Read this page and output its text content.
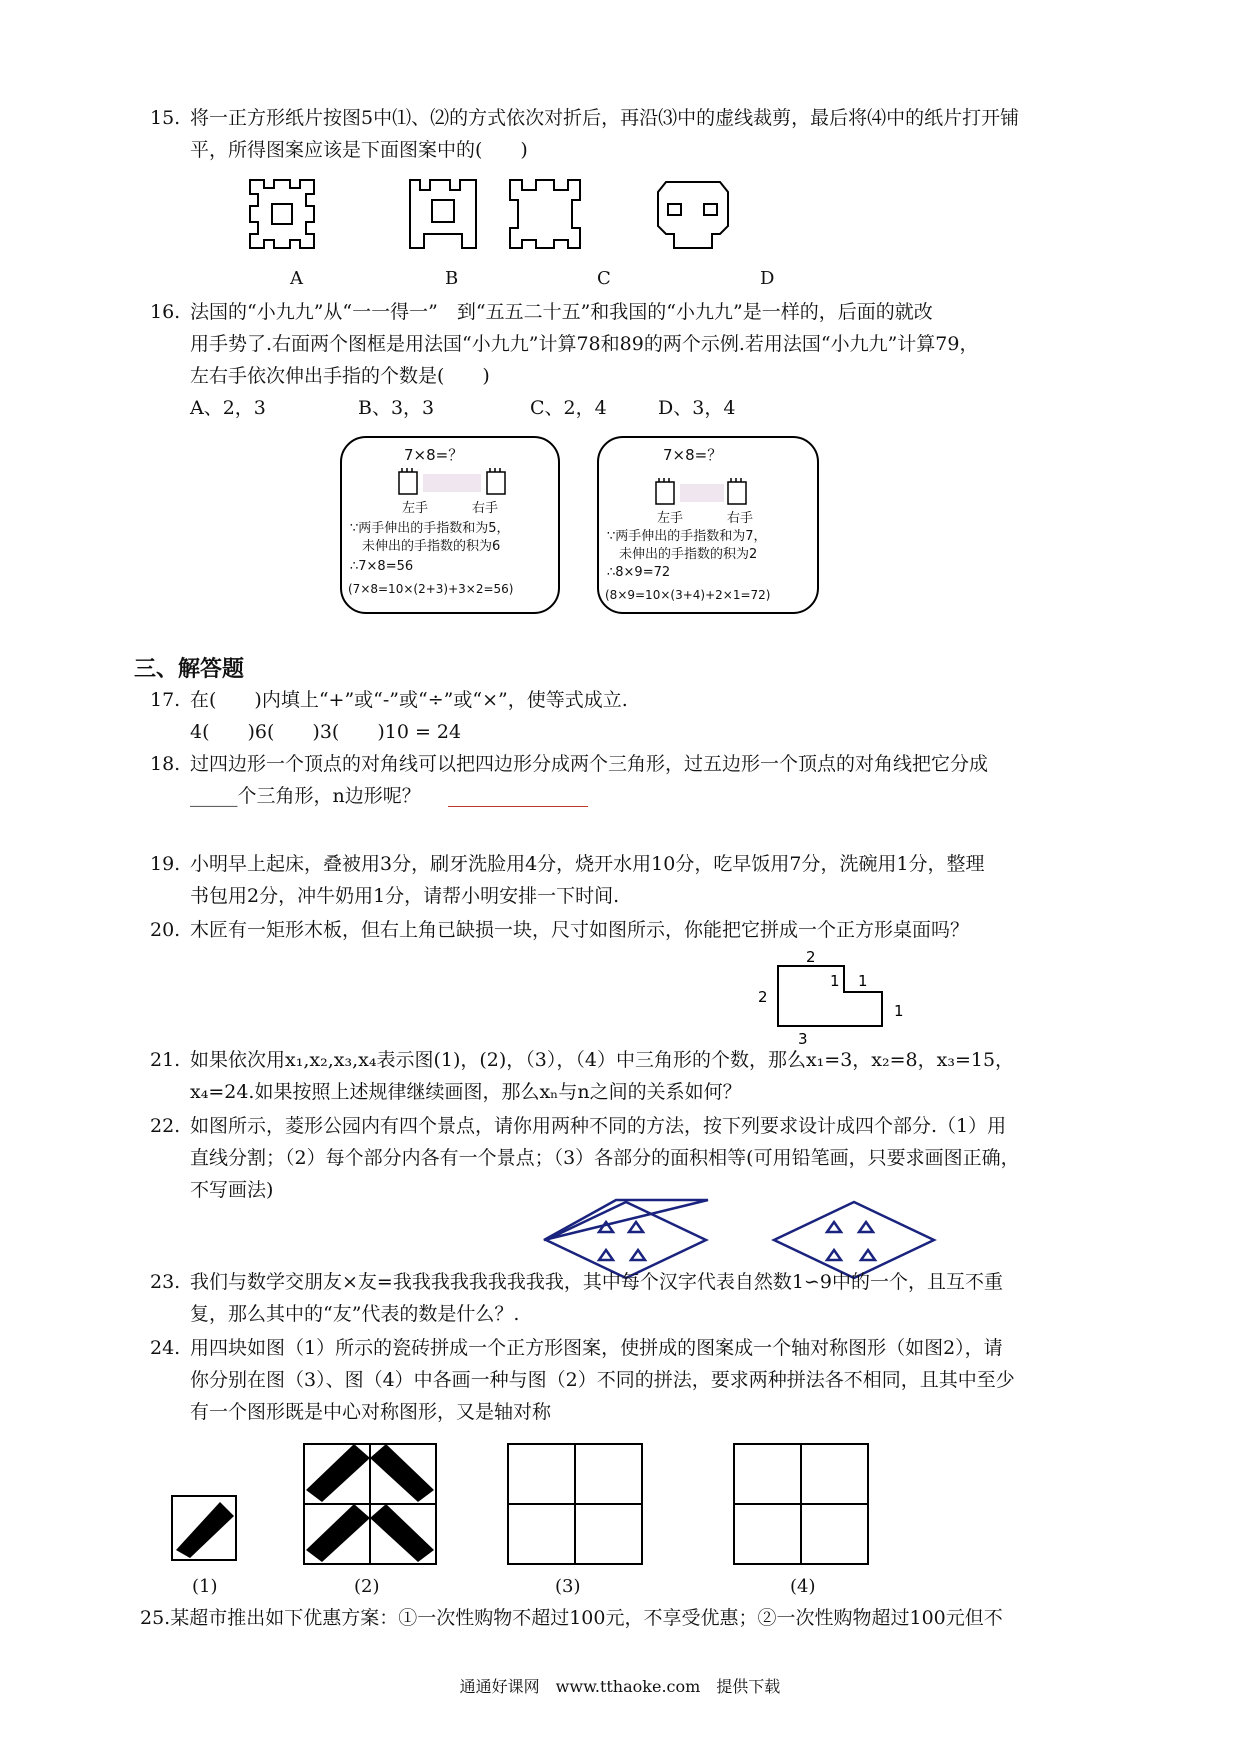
15. 将一正方形纸片按图5中⑴、⑵的方式依次对折后，再沿⑶中的虚线裁剪，最后将⑷中的纸片打开铺
平，所得图案应该是下面图案中的(　　)
A	B	C	D
16. 法国的“小九九”从“一一得一”　到“五五二十五”和我国的“小九九”是一样的，后面的就改
用手势了.右面两个图框是用法国“小九九”计算78和89的两个示例.若用法国“小九九”计算79，
左右手依次伸出手指的个数是(　　)
A、2，3	B、3，3	C、2，4	D、3，4
7×8=？
左手	右手
∵两手伸出的手指数和为5，
未伸出的手指数的积为6
∴7×8=56
(7×8=10×(2+3)+3×2=56)
7×8=？
左手	右手
∵两手伸出的手指数和为7，
未伸出的手指数的积为2
∴8×9=72
(8×9=10×(3+4)+2×1=72)
三、解答题
17. 在(　　)内填上“+”或“-”或“÷”或“×”，使等式成立.
4(　　)6(　　)3(　　)10 = 24
18. 过四边形一个顶点的对角线可以把四边形分成两个三角形，过五边形一个顶点的对角线把它分成
_____个三角形，n边形呢？
19. 小明早上起床，叠被用3分，刷牙洗脸用4分，烧开水用10分，吃早饭用7分，洗碗用1分，整理
书包用2分，冲牛奶用1分，请帮小明安排一下时间.
20. 木匠有一矩形木板，但右上角已缺损一块，尺寸如图所示，你能把它拼成一个正方形桌面吗？
2
2
1 1
1
3
21. 如果依次用x₁,x₂,x₃,x₄表示图(1)，(2)，（3），（4）中三角形的个数，那么x₁=3，x₂=8，x₃=15，
x₄=24.如果按照上述规律继续画图，那么xₙ与n之间的关系如何？
22. 如图所示，菱形公园内有四个景点，请你用两种不同的方法，按下列要求设计成四个部分.（1）用
直线分割；（2）每个部分内各有一个景点；（3）各部分的面积相等(可用铅笔画，只要求画图正确，
不写画法)
23. 我们与数学交朋友×友=我我我我我我我我我，其中每个汉字代表自然数1∽9中的一个，且互不重
复，那么其中的“友”代表的数是什么？.
24. 用四块如图（1）所示的瓷砖拼成一个正方形图案，使拼成的图案成一个轴对称图形（如图2），请
你分别在图（3）、图（4）中各画一种与图（2）不同的拼法，要求两种拼法各不相同，且其中至少
有一个图形既是中心对称图形，又是轴对称
(1)	(2)	(3)	(4)
25.某超市推出如下优惠方案：①一次性购物不超过100元，不享受优惠；②一次性购物超过100元但不
通通好课网　www.tthaoke.com　提供下载
